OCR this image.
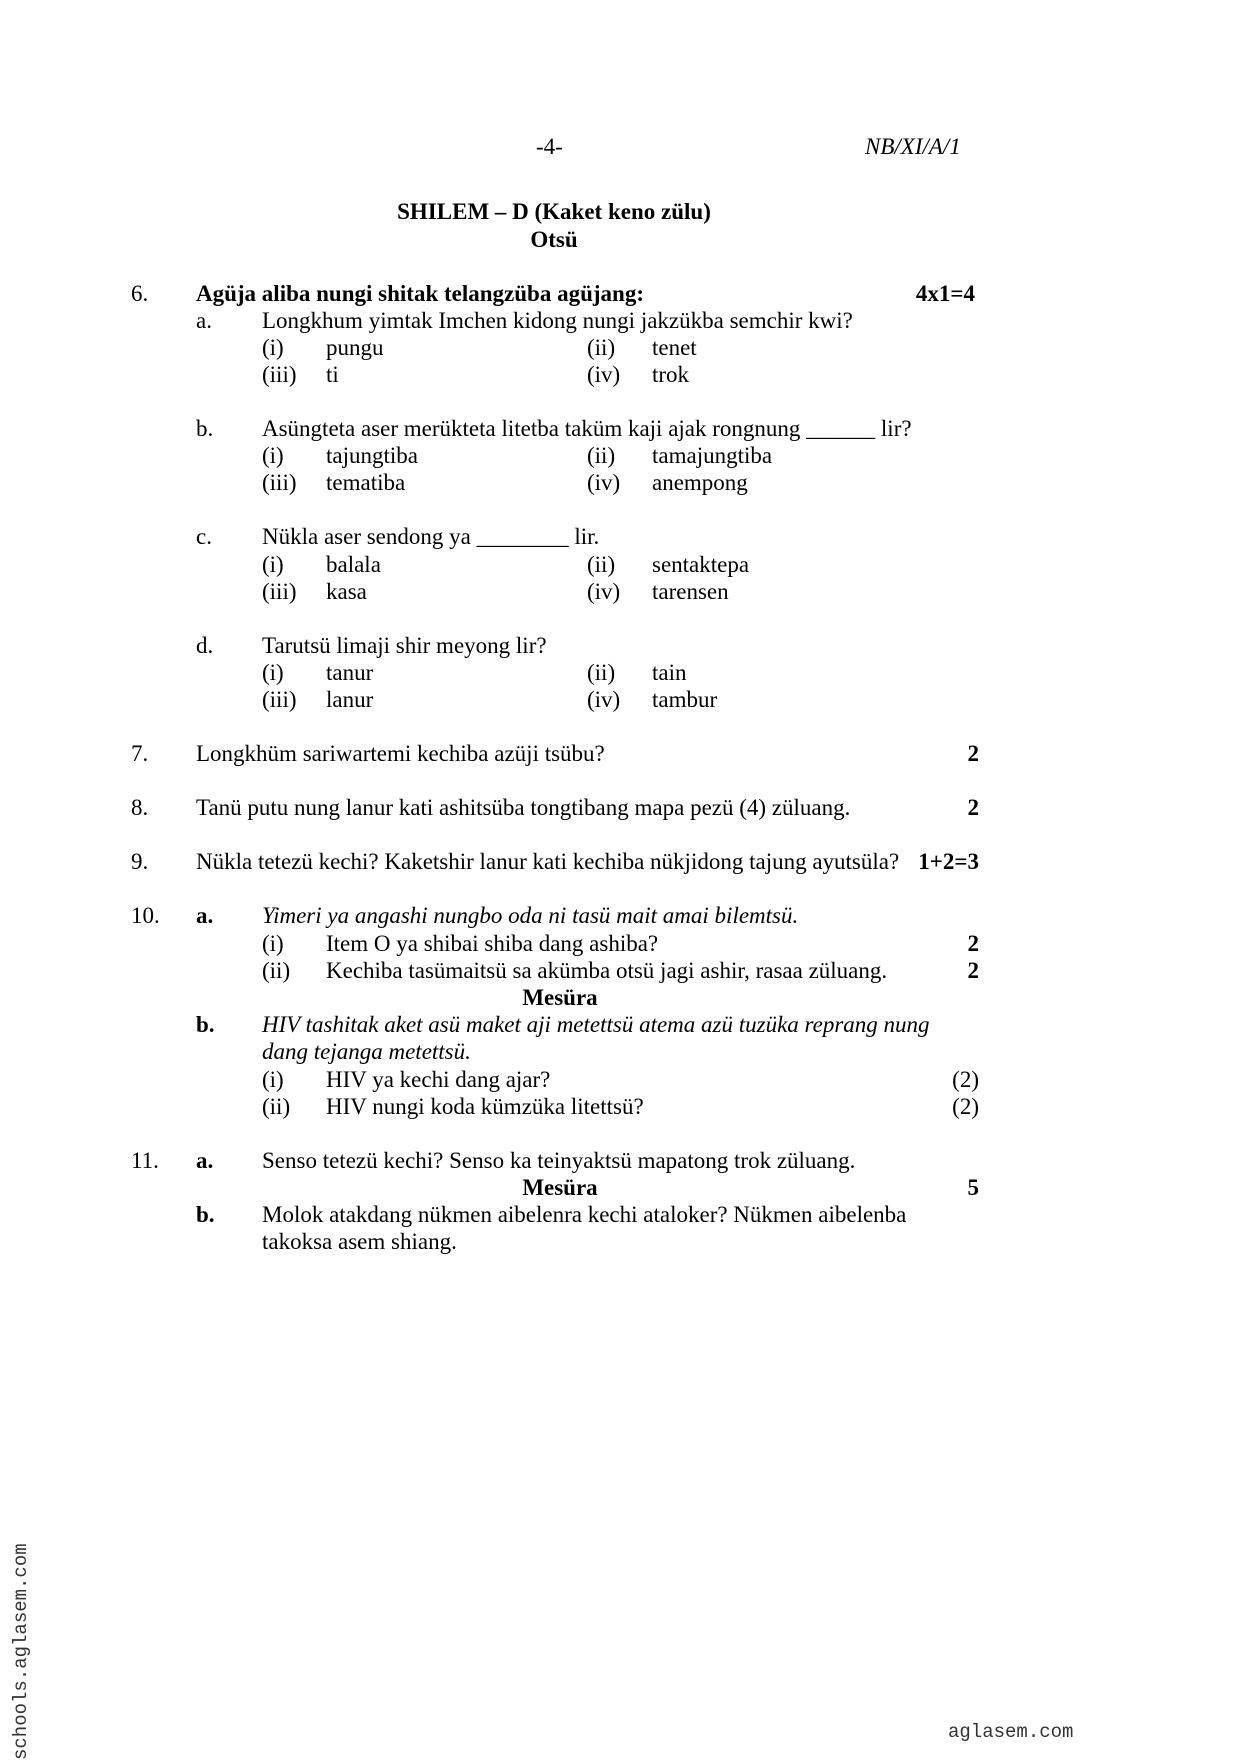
-4-	NB/XI/A/1
SHILEM – D (Kaket keno zülu)
Otsü
6. Agüja aliba nungi shitak telangzüba agüjang:	4x1=4
a. Longkhum yimtak Imchen kidong nungi jakzükba semchir kwi?
(i) pungu	(ii) tenet
(iii) ti	(iv) trok
b. Asüngteta aser merükteta litetba taküm kaji ajak rongnung ______ lir?
(i) tajungtiba	(ii) tamajungtiba
(iii) tematiba	(iv) anempong
c. Nükla aser sendong ya ________ lir.
(i) balala	(ii) sentaktepa
(iii) kasa	(iv) tarensen
d. Tarutsü limaji shir meyong lir?
(i) tanur	(ii) tain
(iii) lanur	(iv) tambur
7. Longkhüm sariwartemi kechiba azüji tsübu?	2
8. Tanü putu nung lanur kati ashitsüba tongtibang mapa pezü (4) züluang.	2
9. Nükla tetezü kechi? Kaketshir lanur kati kechiba nükjidong tajung ayutsüla? 1+2=3
10. a. Yimeri ya angashi nungbo oda ni tasü mait amai bilemtsü.
(i) Item O ya shibai shiba dang ashiba?	2
(ii) Kechiba tasümaitsü sa akümba otsü jagi ashir, rasaa züluang.	2
Mesüra
b. HIV tashitak aket asü maket aji metettsü atema azü tuzüka reprang nung
dang tejanga metettsü.
(i) HIV ya kechi dang ajar?	(2)
(ii) HIV nungi koda kümzüka litettsü?	(2)
11. a. Senso tetezü kechi? Senso ka teinyaktsü mapatong trok züluang.
Mesüra	5
b. Molok atakdang nükmen aibelenra kechi ataloker? Nükmen aibelenba
takoksa asem shiang.
schools.aglasem.com	aglasem.com
